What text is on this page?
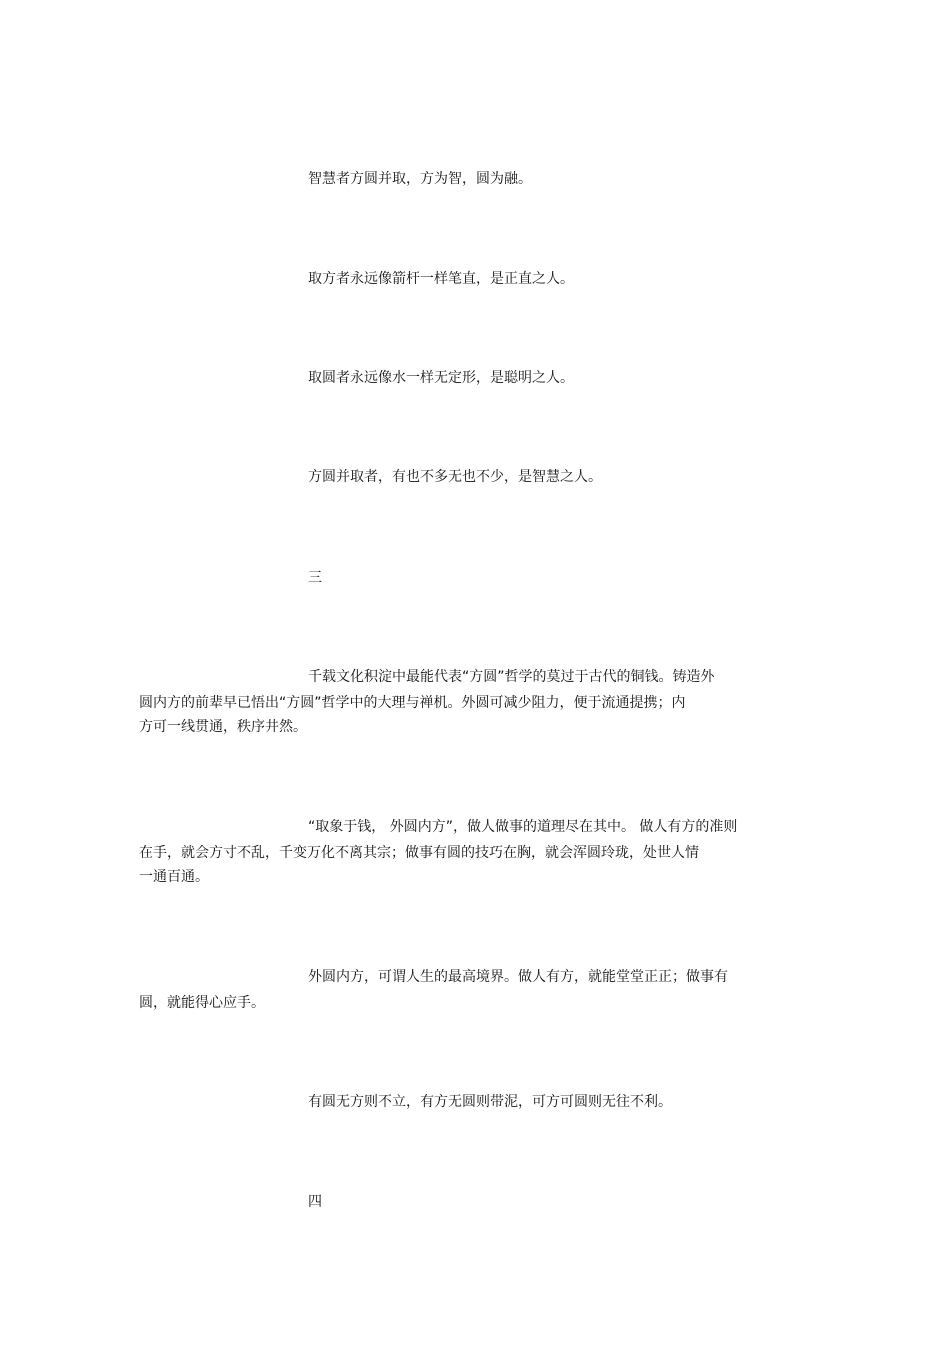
智慧者方圆并取，方为智，圆为融。

取方者永远像箭杆一样笔直，是正直之人。

取圆者永远像水一样无定形，是聪明之人。

方圆并取者，有也不多无也不少，是智慧之人。

三

千载文化积淀中最能代表“方圆”哲学的莫过于古代的铜钱。铸造外

圆内方的前辈早已悟出“方圆”哲学中的大理与禅机。外圆可减少阻力，便于流通提携；内

方可一线贯通，秩序井然。

“取象于钱， 外圆内方”，做人做事的道理尽在其中。 做人有方的准则

在手，就会方寸不乱，千变万化不离其宗；做事有圆的技巧在胸，就会浑圆玲珑，处世人情

一通百通。

外圆内方，可谓人生的最高境界。做人有方，就能堂堂正正；做事有

圆，就能得心应手。

有圆无方则不立，有方无圆则带泥，可方可圆则无往不利。

四
